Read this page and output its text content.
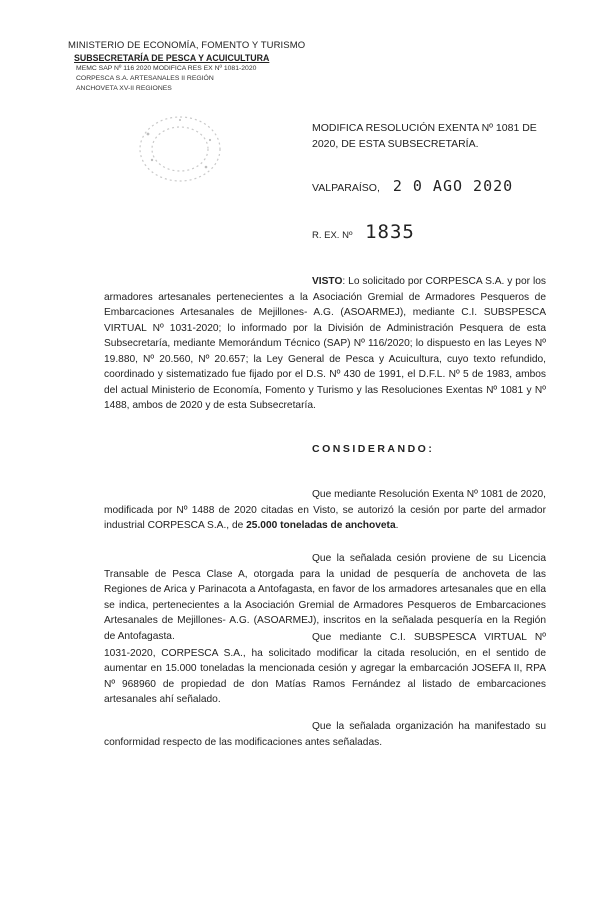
MINISTERIO DE ECONOMÍA, FOMENTO Y TURISMO
SUBSECRETARÍA DE PESCA Y ACUICULTURA
MEMC SAP Nº 116 2020 MODIFICA RES EX Nº 1081-2020
CORPESCA S.A. ARTESANALES II REGIÓN
ANCHOVETA XV-II REGIONES
MODIFICA RESOLUCIÓN EXENTA Nº 1081 DE 2020, DE ESTA SUBSECRETARÍA.
VALPARAÍSO, 2 0 AGO 2020
R. EX. Nº 1835
VISTO: Lo solicitado por CORPESCA S.A. y por los armadores artesanales pertenecientes a la Asociación Gremial de Armadores Pesqueros de Embarcaciones Artesanales de Mejillones- A.G. (ASOARMEJ), mediante C.I. SUBSPESCA VIRTUAL Nº 1031-2020; lo informado por la División de Administración Pesquera de esta Subsecretaría, mediante Memorándum Técnico (SAP) Nº 116/2020; lo dispuesto en las Leyes Nº 19.880, Nº 20.560, Nº 20.657; la Ley General de Pesca y Acuicultura, cuyo texto refundido, coordinado y sistematizado fue fijado por el D.S. Nº 430 de 1991, el D.F.L. Nº 5 de 1983, ambos del actual Ministerio de Economía, Fomento y Turismo y las Resoluciones Exentas Nº 1081 y Nº 1488, ambos de 2020 y de esta Subsecretaría.
CONSIDERANDO:
Que mediante Resolución Exenta Nº 1081 de 2020, modificada por Nº 1488 de 2020 citadas en Visto, se autorizó la cesión por parte del armador industrial CORPESCA S.A., de 25.000 toneladas de anchoveta.
Que la señalada cesión proviene de su Licencia Transable de Pesca Clase A, otorgada para la unidad de pesquería de anchoveta de las Regiones de Arica y Parinacota a Antofagasta, en favor de los armadores artesanales que en ella se indica, pertenecientes a la Asociación Gremial de Armadores Pesqueros de Embarcaciones Artesanales de Mejillones- A.G. (ASOARMEJ), inscritos en la señalada pesquería en la Región de Antofagasta.	Que mediante C.I. SUBSPESCA VIRTUAL Nº 1031-2020, CORPESCA S.A., ha solicitado modificar la citada resolución, en el sentido de aumentar en 15.000 toneladas la mencionada cesión y agregar la embarcación JOSEFA II, RPA Nº 968960 de propiedad de don Matías Ramos Fernández al listado de embarcaciones artesanales ahí señalado.
Que la señalada organización ha manifestado su conformidad respecto de las modificaciones antes señaladas.
